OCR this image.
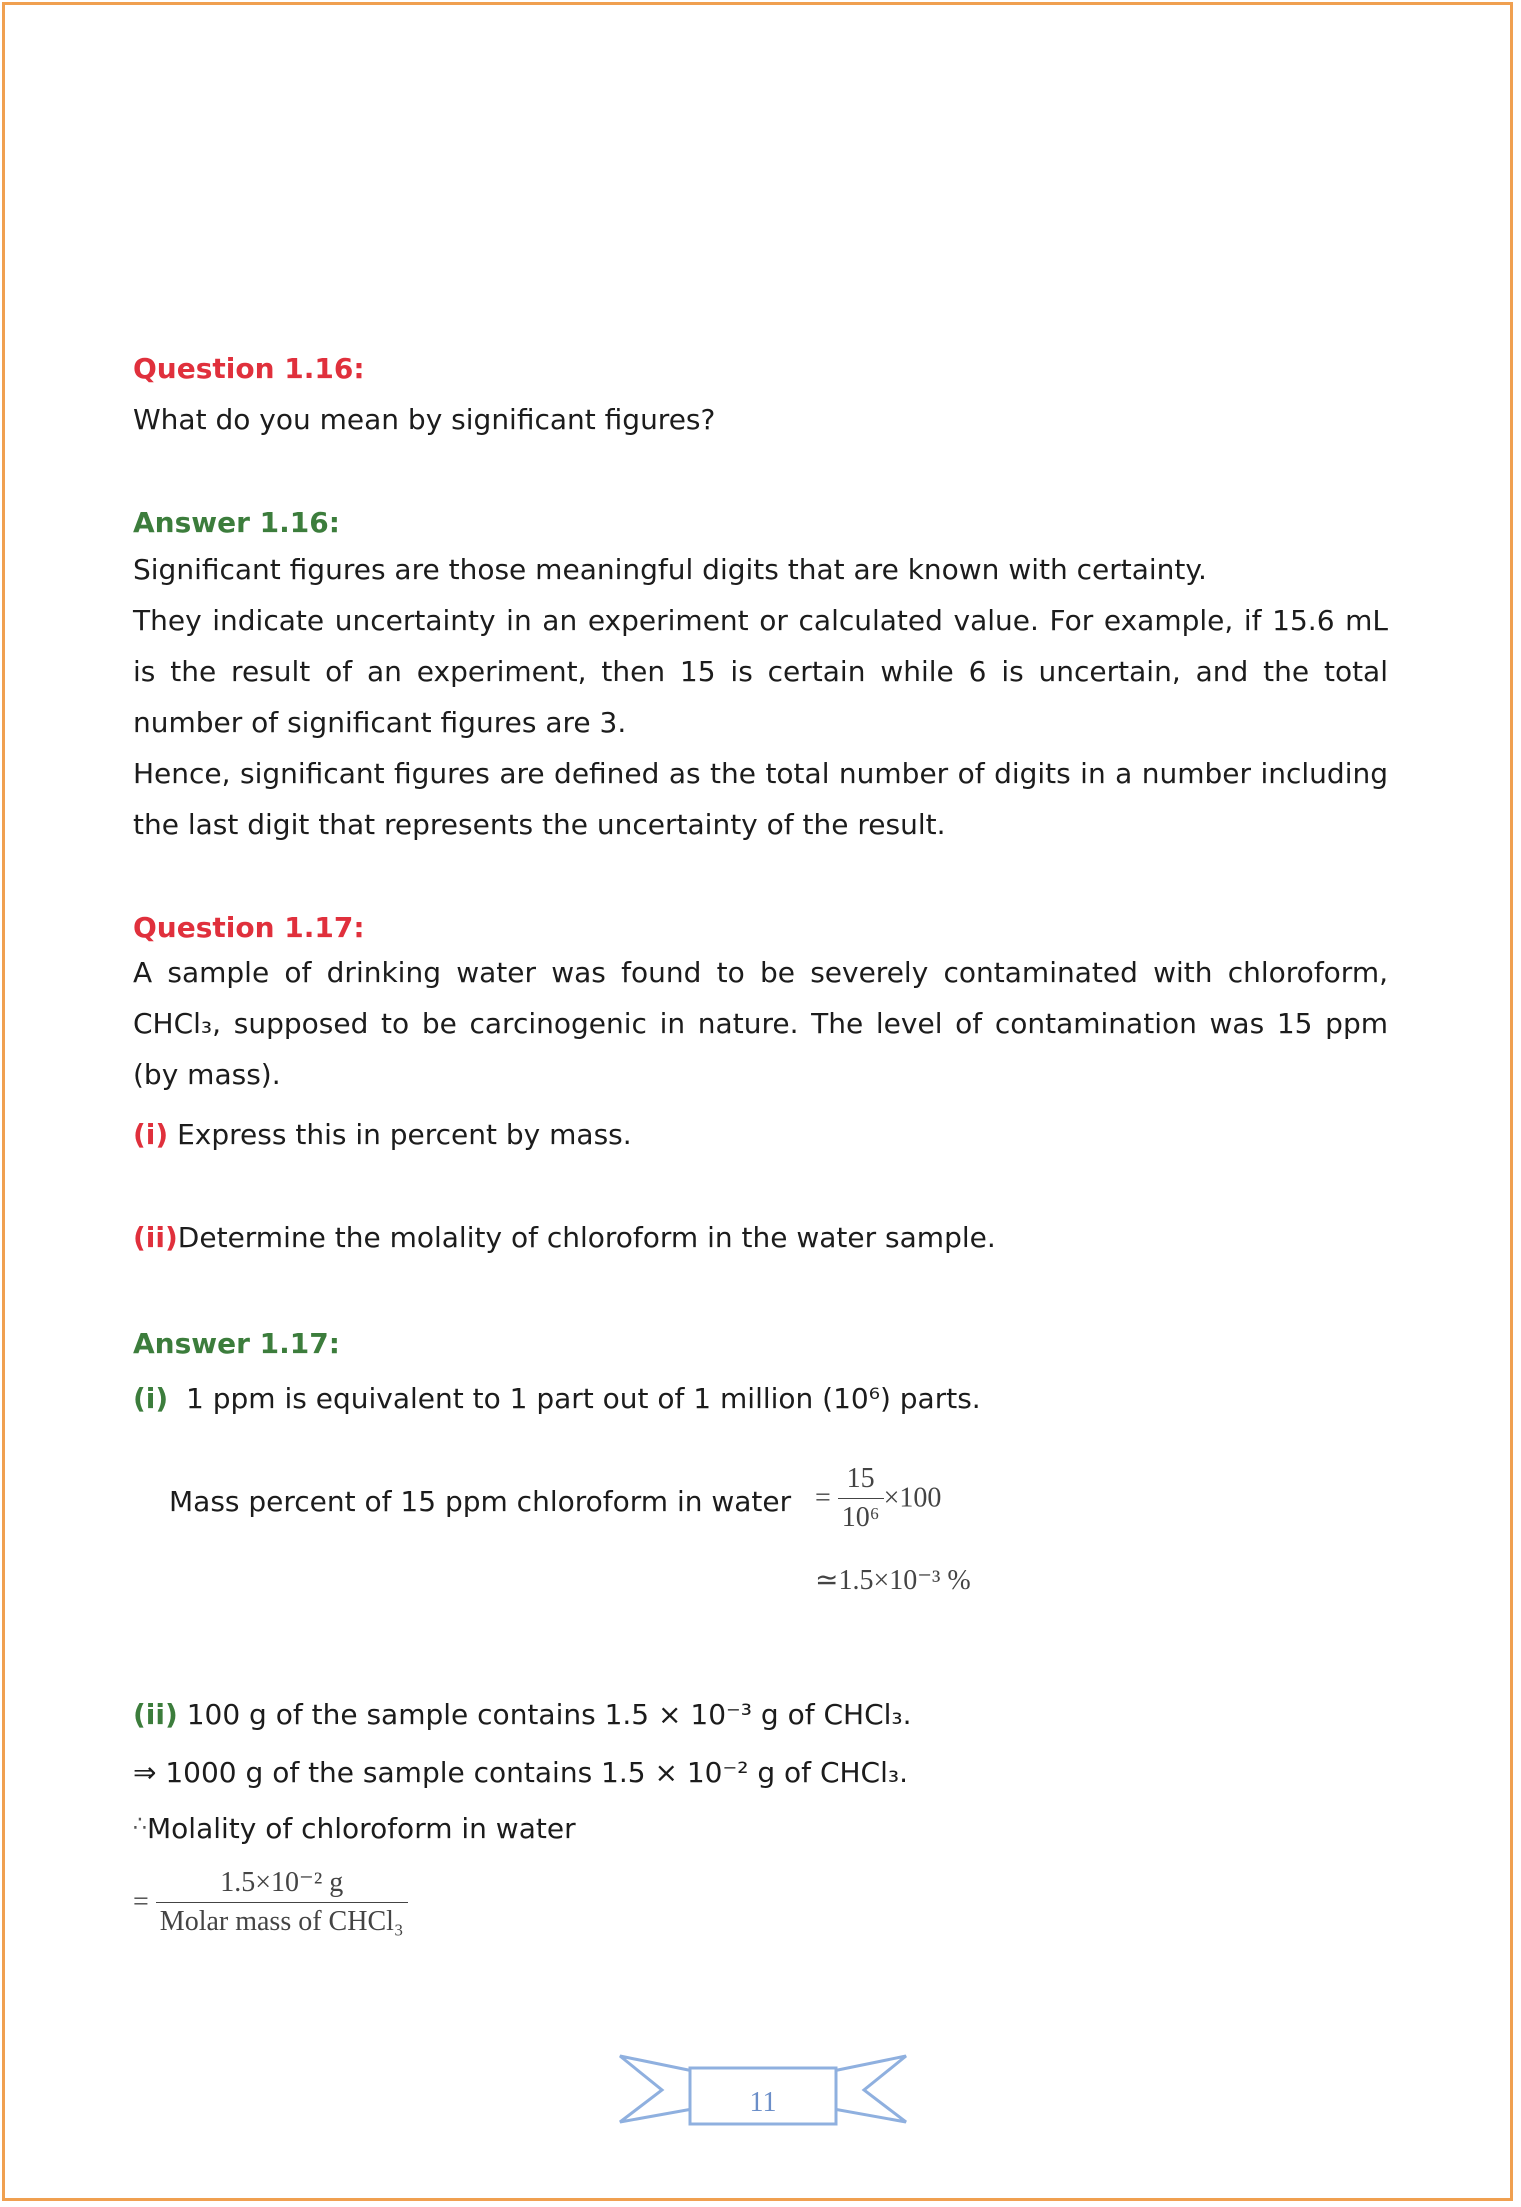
Question 1.16:
What do you mean by significant figures?
Answer 1.16:
Significant figures are those meaningful digits that are known with certainty.
They indicate uncertainty in an experiment or calculated value. For example, if 15.6 mL is the result of an experiment, then 15 is certain while 6 is uncertain, and the total number of significant figures are 3.
Hence, significant figures are defined as the total number of digits in a number including the last digit that represents the uncertainty of the result.
Question 1.17:
A sample of drinking water was found to be severely contaminated with chloroform, CHCl₃, supposed to be carcinogenic in nature. The level of contamination was 15 ppm (by mass).
(i) Express this in percent by mass.
(ii)Determine the molality of chloroform in the water sample.
Answer 1.17:
(i) 1 ppm is equivalent to 1 part out of 1 million (10⁶) parts.
Mass percent of 15 ppm chloroform in water = $\frac{15}{\text{10⁶}} \times 100$
≃1.5×10⁻³ %
(ii) 100 g of the sample contains 1.5 × 10⁻³ g of CHCl₃.
⇒ 1000 g of the sample contains 1.5 × 10⁻² g of CHCl₃.
∴Molality of chloroform in water
= $\frac{\text{1.5×10⁻² g}}{\text{Molar mass of CHCl₃}}$
11
